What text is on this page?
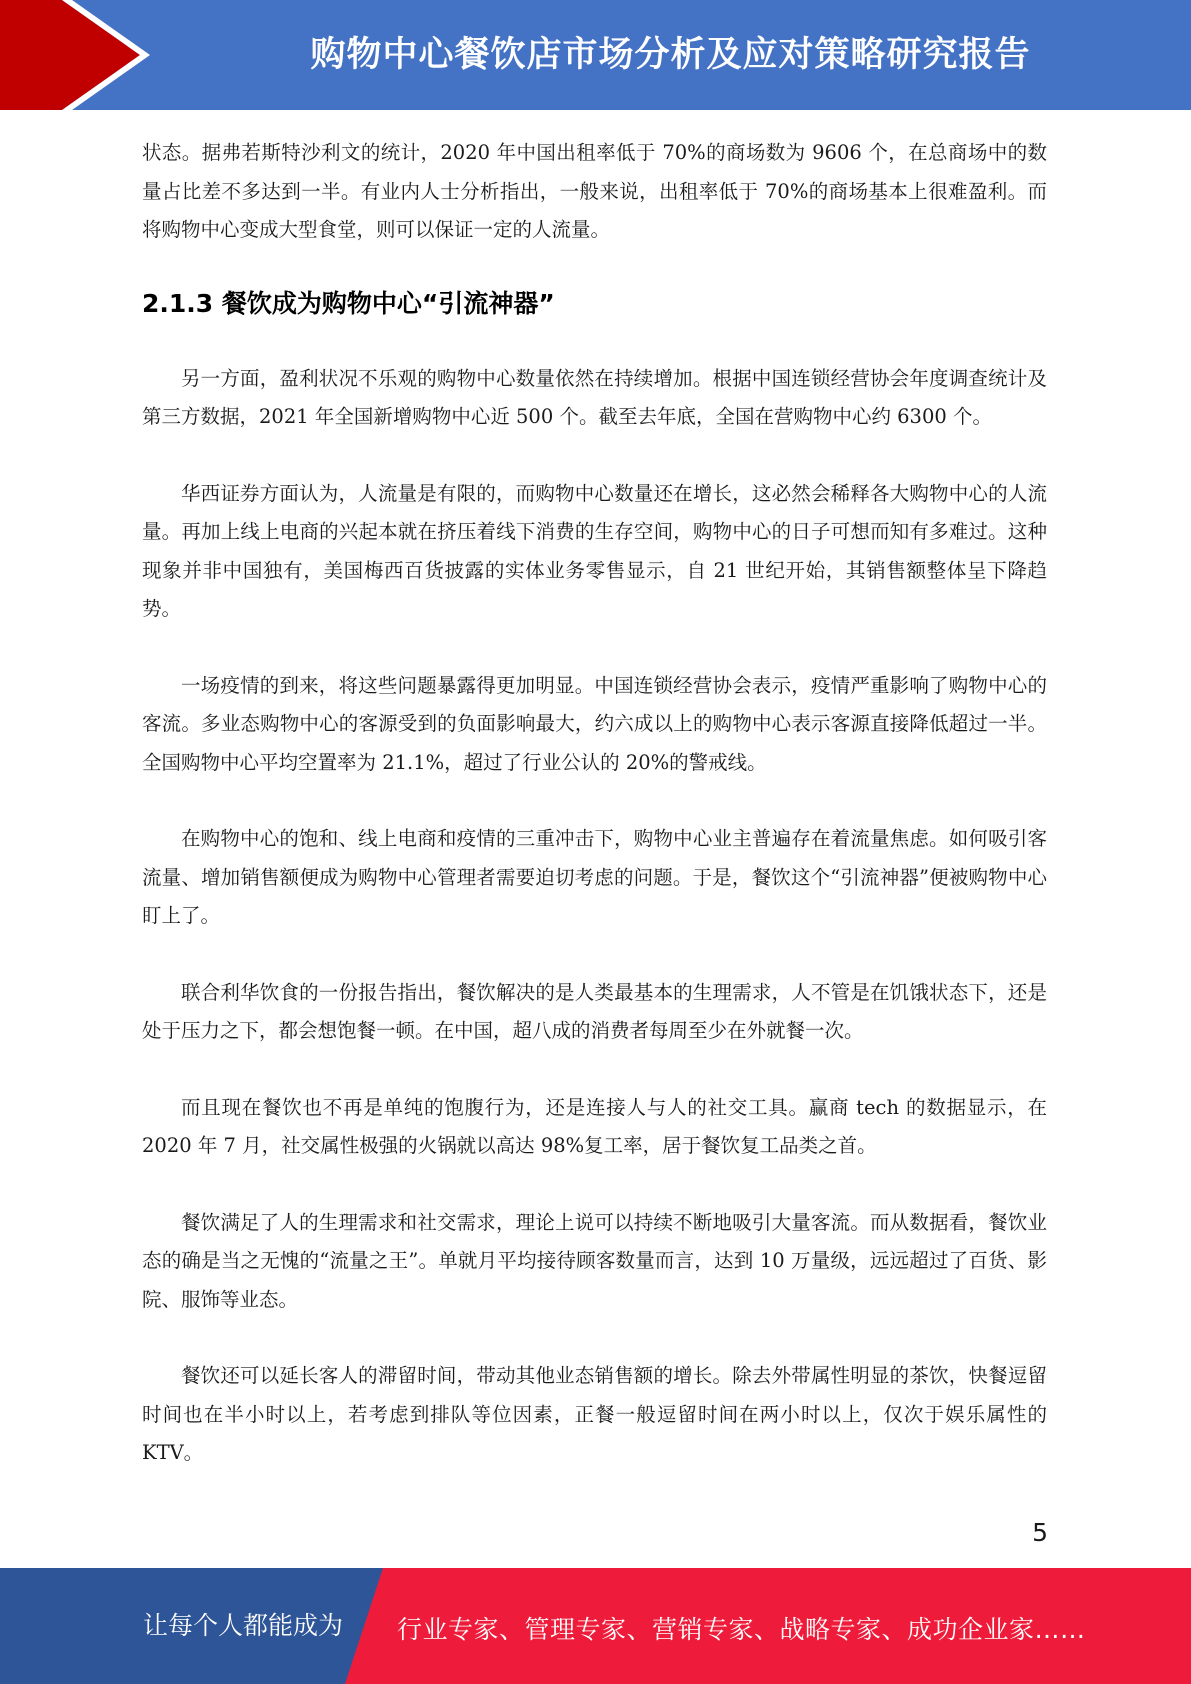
购物中心餐饮店市场分析及应对策略研究报告

状态。据弗若斯特沙利文的统计，2020 年中国出租率低于 70%的商场数为 9606 个，在总商场中的数量占比差不多达到一半。有业内人士分析指出，一般来说，出租率低于 70%的商场基本上很难盈利。而将购物中心变成大型食堂，则可以保证一定的人流量。

2.1.3 餐饮成为购物中心“引流神器”

另一方面，盈利状况不乐观的购物中心数量依然在持续增加。根据中国连锁经营协会年度调查统计及第三方数据，2021 年全国新增购物中心近 500 个。截至去年底，全国在营购物中心约 6300 个。

华西证券方面认为，人流量是有限的，而购物中心数量还在增长，这必然会稀释各大购物中心的人流量。再加上线上电商的兴起本就在挤压着线下消费的生存空间，购物中心的日子可想而知有多难过。这种现象并非中国独有，美国梅西百货披露的实体业务零售显示，自 21 世纪开始，其销售额整体呈下降趋势。

一场疫情的到来，将这些问题暴露得更加明显。中国连锁经营协会表示，疫情严重影响了购物中心的客流。多业态购物中心的客源受到的负面影响最大，约六成以上的购物中心表示客源直接降低超过一半。全国购物中心平均空置率为 21.1%，超过了行业公认的 20%的警戒线。

在购物中心的饱和、线上电商和疫情的三重冲击下，购物中心业主普遍存在着流量焦虑。如何吸引客流量、增加销售额便成为购物中心管理者需要迫切考虑的问题。于是，餐饮这个“引流神器”便被购物中心盯上了。

联合利华饮食的一份报告指出，餐饮解决的是人类最基本的生理需求，人不管是在饥饿状态下，还是处于压力之下，都会想饱餐一顿。在中国，超八成的消费者每周至少在外就餐一次。

而且现在餐饮也不再是单纯的饱腹行为，还是连接人与人的社交工具。赢商 tech 的数据显示，在 2020 年 7 月，社交属性极强的火锅就以高达 98%复工率，居于餐饮复工品类之首。

餐饮满足了人的生理需求和社交需求，理论上说可以持续不断地吸引大量客流。而从数据看，餐饮业态的确是当之无愧的“流量之王”。单就月平均接待顾客数量而言，达到 10 万量级，远远超过了百货、影院、服饰等业态。

餐饮还可以延长客人的滞留时间，带动其他业态销售额的增长。除去外带属性明显的茶饮，快餐逗留时间也在半小时以上，若考虑到排队等位因素，正餐一般逗留时间在两小时以上，仅次于娱乐属性的 KTV。

5
让每个人都能成为 行业专家、管理专家、营销专家、战略专家、成功企业家……
